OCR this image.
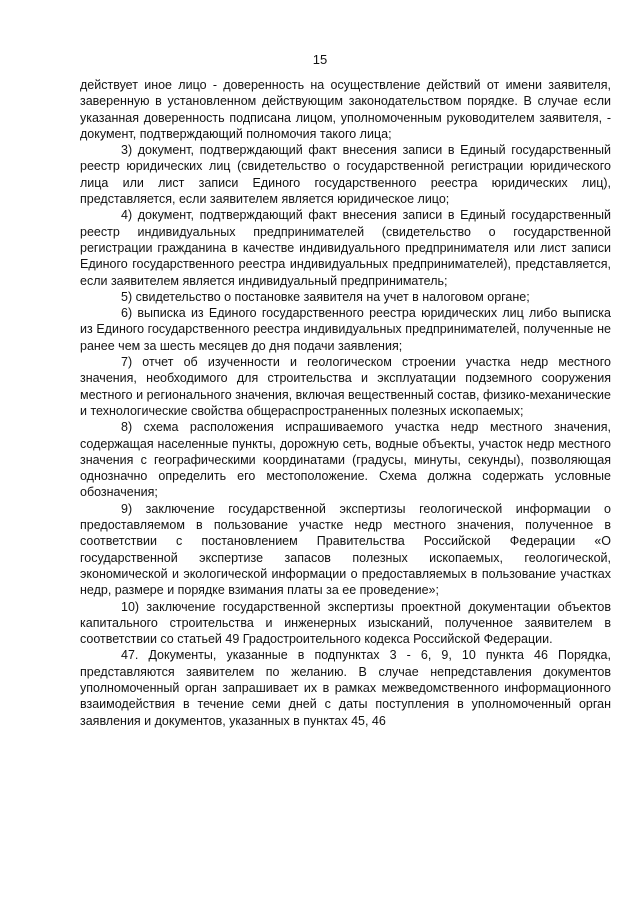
15

действует иное лицо - доверенность на осуществление действий от имени заявителя, заверенную в установленном действующим законодательством порядке. В случае если указанная доверенность подписана лицом, уполномоченным руководителем заявителя, - документ, подтверждающий полномочия такого лица;

3) документ, подтверждающий факт внесения записи в Единый государственный реестр юридических лиц (свидетельство о государственной регистрации юридического лица или лист записи Единого государственного реестра юридических лиц), представляется, если заявителем является юридическое лицо;

4) документ, подтверждающий факт внесения записи в Единый государственный реестр индивидуальных предпринимателей (свидетельство о государственной регистрации гражданина в качестве индивидуального предпринимателя или лист записи Единого государственного реестра индивидуальных предпринимателей), представляется, если заявителем является индивидуальный предприниматель;

5) свидетельство о постановке заявителя на учет в налоговом органе;

6) выписка из Единого государственного реестра юридических лиц либо выписка из Единого государственного реестра индивидуальных предпринимателей, полученные не ранее чем за шесть месяцев до дня подачи заявления;

7) отчет об изученности и геологическом строении участка недр местного значения, необходимого для строительства и эксплуатации подземного сооружения местного и регионального значения, включая вещественный состав, физико-механические и технологические свойства общераспространенных полезных ископаемых;

8) схема расположения испрашиваемого участка недр местного значения, содержащая населенные пункты, дорожную сеть, водные объекты, участок недр местного значения с географическими координатами (градусы, минуты, секунды), позволяющая однозначно определить его местоположение. Схема должна содержать условные обозначения;

9) заключение государственной экспертизы геологической информации о предоставляемом в пользование участке недр местного значения, полученное в соответствии с постановлением Правительства Российской Федерации «О государственной экспертизе запасов полезных ископаемых, геологической, экономической и экологической информации о предоставляемых в пользование участках недр, размере и порядке взимания платы за ее проведение»;

10) заключение государственной экспертизы проектной документации объектов капитального строительства и инженерных изысканий, полученное заявителем в соответствии со статьей 49 Градостроительного кодекса Российской Федерации.

47. Документы, указанные в подпунктах 3 - 6, 9, 10 пункта 46 Порядка, представляются заявителем по желанию. В случае непредставления документов уполномоченный орган запрашивает их в рамках межведомственного информационного взаимодействия в течение семи дней с даты поступления в уполномоченный орган заявления и документов, указанных в пунктах 45, 46
